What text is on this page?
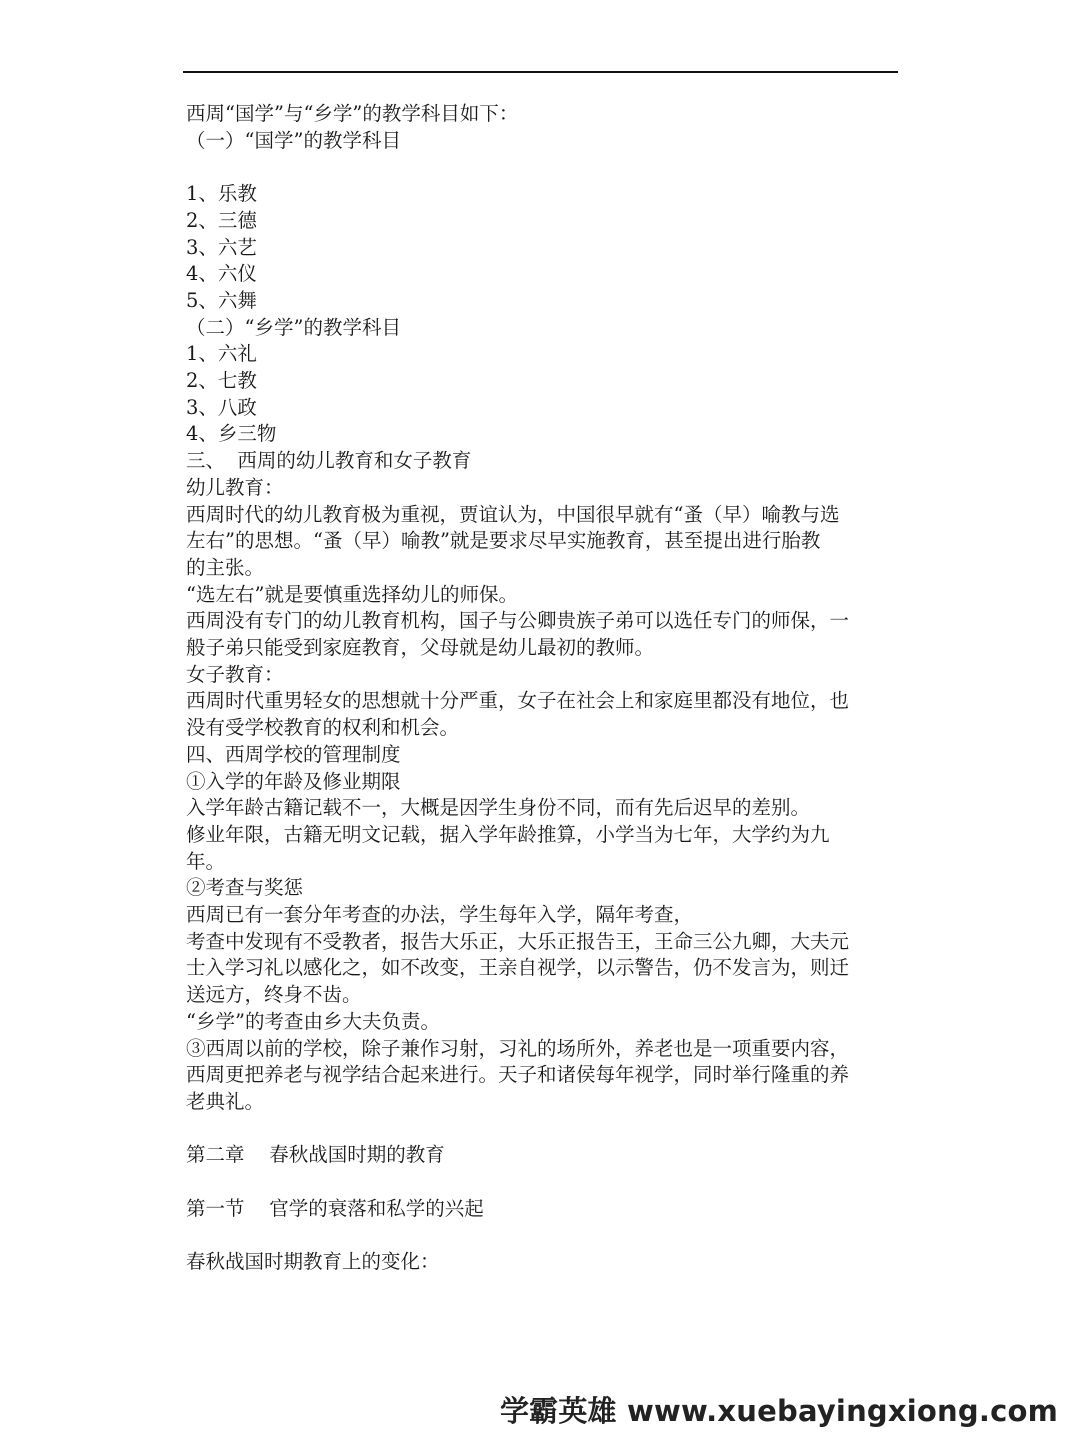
西周“国学”与“乡学”的教学科目如下：
（一）“国学”的教学科目
1、乐教
2、三德
3、六艺
4、六仪
5、六舞
（二）“乡学”的教学科目
1、六礼
2、七教
3、八政
4、乡三物
三、  西周的幼儿教育和女子教育
幼儿教育：
西周时代的幼儿教育极为重视，贾谊认为，中国很早就有“蚤（早）喻教与选
左右”的思想。“蚤（早）喻教”就是要求尽早实施教育，甚至提出进行胎教
的主张。
“选左右”就是要慎重选择幼儿的师保。
西周没有专门的幼儿教育机构，国子与公卿贵族子弟可以选任专门的师保，一
般子弟只能受到家庭教育，父母就是幼儿最初的教师。
女子教育：
西周时代重男轻女的思想就十分严重，女子在社会上和家庭里都没有地位，也
没有受学校教育的权利和机会。
四、西周学校的管理制度
①入学的年龄及修业期限
入学年龄古籍记载不一，大概是因学生身份不同，而有先后迟早的差别。
修业年限，古籍无明文记载，据入学年龄推算，小学当为七年，大学约为九
年。
②考查与奖惩
西周已有一套分年考查的办法，学生每年入学，隔年考查，
考查中发现有不受教者，报告大乐正，大乐正报告王，王命三公九卿，大夫元
士入学习礼以感化之，如不改变，王亲自视学，以示警告，仍不发言为，则迁
送远方，终身不齿。
“乡学”的考查由乡大夫负责。
③西周以前的学校，除子兼作习射，习礼的场所外，养老也是一项重要内容，
西周更把养老与视学结合起来进行。天子和诸侯每年视学，同时举行隆重的养
老典礼。
第二章    春秋战国时期的教育
第一节    官学的衰落和私学的兴起
春秋战国时期教育上的变化：
学霸英雄 www.xuebayingxiong.com
